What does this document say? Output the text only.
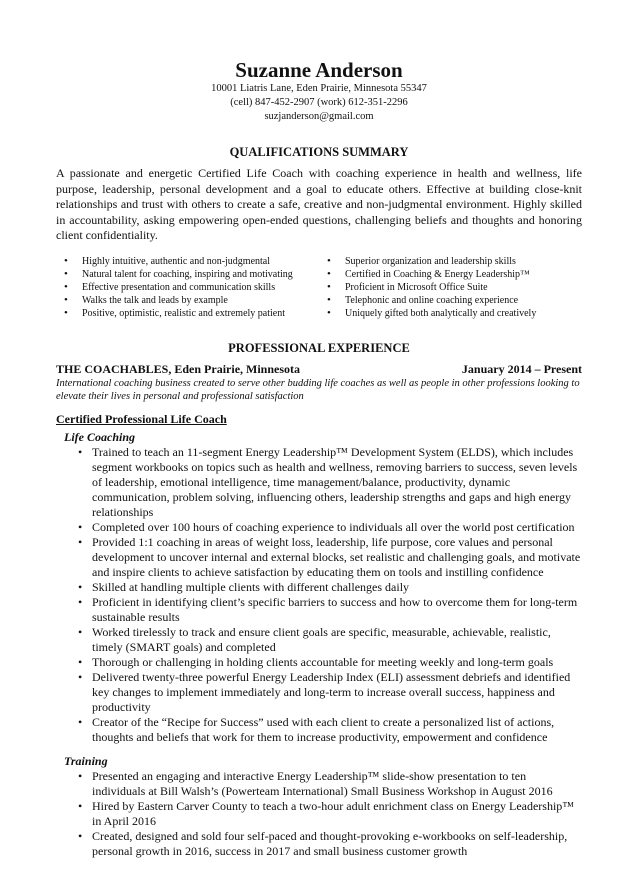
Suzanne Anderson
10001 Liatris Lane, Eden Prairie, Minnesota 55347
(cell) 847-452-2907 (work) 612-351-2296
suzjanderson@gmail.com
QUALIFICATIONS SUMMARY
A passionate and energetic Certified Life Coach with coaching experience in health and wellness, life purpose, leadership, personal development and a goal to educate others. Effective at building close-knit relationships and trust with others to create a safe, creative and non-judgmental environment. Highly skilled in accountability, asking empowering open-ended questions, challenging beliefs and thoughts and honoring client confidentiality.
• Highly intuitive, authentic and non-judgmental
• Natural talent for coaching, inspiring and motivating
• Effective presentation and communication skills
• Walks the talk and leads by example
• Positive, optimistic, realistic and extremely patient
• Superior organization and leadership skills
• Certified in Coaching & Energy Leadership™
• Proficient in Microsoft Office Suite
• Telephonic and online coaching experience
• Uniquely gifted both analytically and creatively
PROFESSIONAL EXPERIENCE
THE COACHABLES, Eden Prairie, Minnesota	January 2014 – Present
International coaching business created to serve other budding life coaches as well as people in other professions looking to elevate their lives in personal and professional satisfaction
Certified Professional Life Coach
Life Coaching
• Trained to teach an 11-segment Energy Leadership™ Development System (ELDS), which includes segment workbooks on topics such as health and wellness, removing barriers to success, seven levels of leadership, emotional intelligence, time management/balance, productivity, dynamic communication, problem solving, influencing others, leadership strengths and gaps and high energy relationships
• Completed over 100 hours of coaching experience to individuals all over the world post certification
• Provided 1:1 coaching in areas of weight loss, leadership, life purpose, core values and personal development to uncover internal and external blocks, set realistic and challenging goals, and motivate and inspire clients to achieve satisfaction by educating them on tools and instilling confidence
• Skilled at handling multiple clients with different challenges daily
• Proficient in identifying client’s specific barriers to success and how to overcome them for long-term sustainable results
• Worked tirelessly to track and ensure client goals are specific, measurable, achievable, realistic, timely (SMART goals) and completed
• Thorough or challenging in holding clients accountable for meeting weekly and long-term goals
• Delivered twenty-three powerful Energy Leadership Index (ELI) assessment debriefs and identified key changes to implement immediately and long-term to increase overall success, happiness and productivity
• Creator of the “Recipe for Success” used with each client to create a personalized list of actions, thoughts and beliefs that work for them to increase productivity, empowerment and confidence
Training
• Presented an engaging and interactive Energy Leadership™ slide-show presentation to ten individuals at Bill Walsh’s (Powerteam International) Small Business Workshop in August 2016
• Hired by Eastern Carver County to teach a two-hour adult enrichment class on Energy Leadership™ in April 2016
• Created, designed and sold four self-paced and thought-provoking e-workbooks on self-leadership, personal growth in 2016, success in 2017 and small business customer growth
